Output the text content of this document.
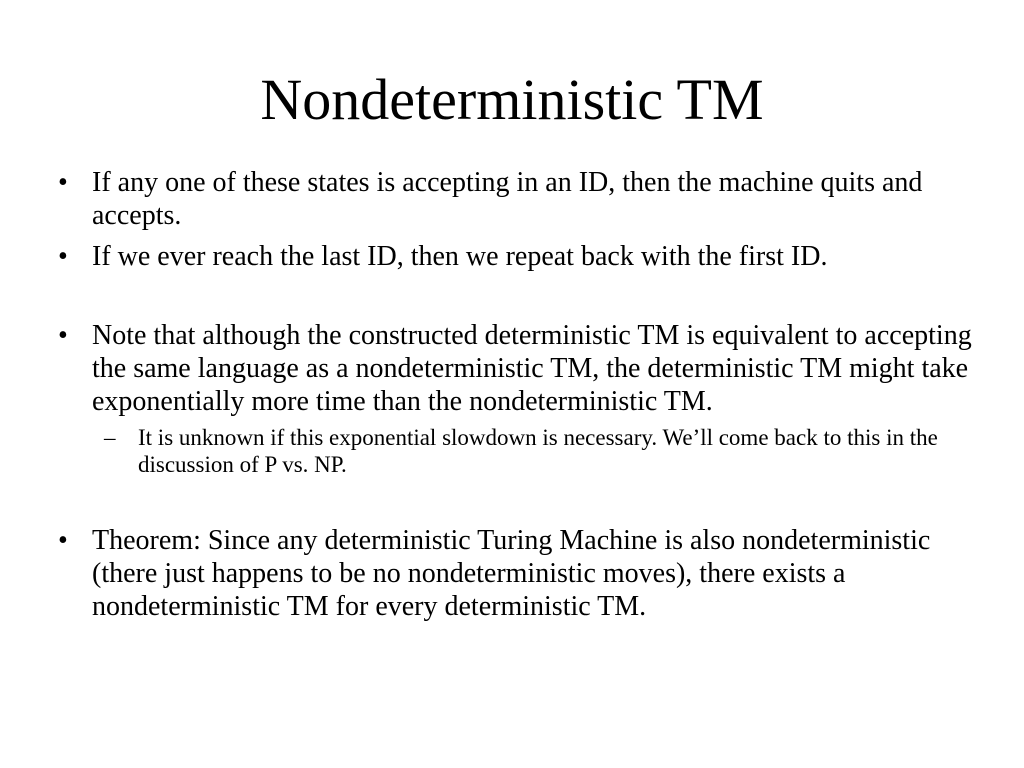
Nondeterministic TM
• If any one of these states is accepting in an ID, then the machine quits and accepts.
• If we ever reach the last ID, then we repeat back with the first ID.
• Note that although the constructed deterministic TM is equivalent to accepting the same language as a nondeterministic TM, the deterministic TM might take exponentially more time than the nondeterministic TM.
– It is unknown if this exponential slowdown is necessary. We’ll come back to this in the discussion of P vs. NP.
• Theorem: Since any deterministic Turing Machine is also nondeterministic (there just happens to be no nondeterministic moves), there exists a nondeterministic TM for every deterministic TM.
